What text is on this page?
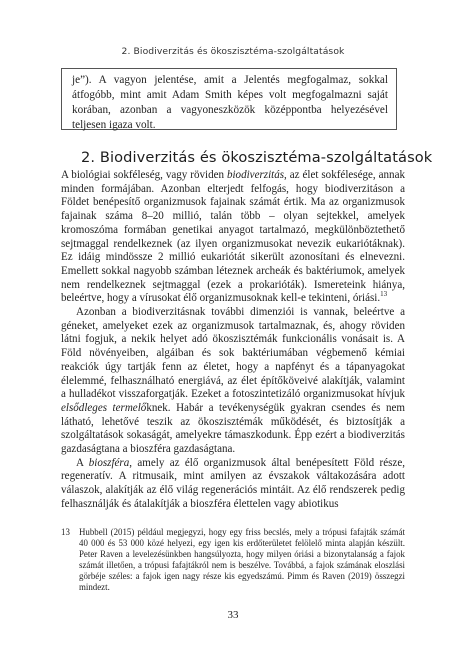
2. Biodiverzitás és ökoszisztéma-szolgáltatások

je”). A vagyon jelentése, amit a Jelentés megfogalmaz, sokkal átfogóbb, mint amit Adam Smith képes volt megfogalmazni saját korában, azonban a vagyoneszközök középpontba helyezésével teljesen igaza volt.

2. Biodiverzitás és ökoszisztéma-szolgáltatások

A biológiai sokféleség, vagy röviden biodiverzitás, az élet sokfélesége, annak minden formájában. Azonban elterjedt felfogás, hogy biodiverzitáson a Földet benépesítő organizmusok fajainak számát értik. Ma az organizmusok fajainak száma 8–20 millió, talán több – olyan sejtekkel, amelyek kromoszóma formában genetikai anyagot tartalmazó, megkülönböztethető sejtmaggal rendelkeznek (az ilyen organizmusokat nevezik eukariótáknak). Ez idáig mindössze 2 millió eukariótát sikerült azonosítani és elnevezni. Emellett sokkal nagyobb számban léteznek archeák és baktériumok, amelyek nem rendelkeznek sejtmaggal (ezek a prokarióták). Ismereteink hiánya, beleértve, hogy a vírusokat élő organizmusoknak kell-e tekinteni, óriási.$^{13}$

Azonban a biodiverzitásnak további dimenziói is vannak, beleértve a géneket, amelyeket ezek az organizmusok tartalmaznak, és, ahogy röviden látni fogjuk, a nekik helyet adó ökoszisztémák funkcionális vonásait is. A Föld növényeiben, algáiban és sok baktériumában végbemenő kémiai reakciók úgy tartják fenn az életet, hogy a napfényt és a tápanyagokat élelemmé, felhasználható energiává, az élet építőköveivé alakítják, valamint a hulladékot visszaforgatják. Ezeket a fotoszintetizáló organizmusokat hívjuk elsődleges termelőknek. Habár a tevékenységük gyakran csendes és nem látható, lehetővé teszik az ökoszisztémák működését, és biztosítják a szolgáltatások sokaságát, amelyekre támaszkodunk. Épp ezért a biodiverzitás gazdaságtana a bioszféra gazdaságtana.

A bioszféra, amely az élő organizmusok által benépesített Föld része, regeneratív. A ritmusaik, mint amilyen az évszakok váltakozására adott válaszok, alakítják az élő világ regenerációs mintáit. Az élő rendszerek pedig felhasználják és átalakítják a bioszféra élettelen vagy abiotikus

13	Hubbell (2015) például megjegyzi, hogy egy friss becslés, mely a trópusi fafajták számát 40 000 és 53 000 közé helyezi, egy igen kis erdőterületet felölelő minta alapján készült. Peter Raven a levelezésünkben hangsúlyozta, hogy milyen óriási a bizonytalanság a fajok számát illetően, a trópusi fafajtákról nem is beszélve. Továbbá, a fajok számának eloszlási görbéje széles: a fajok igen nagy része kis egyedszámú. Pimm és Raven (2019) összegzi mindezt.

33
